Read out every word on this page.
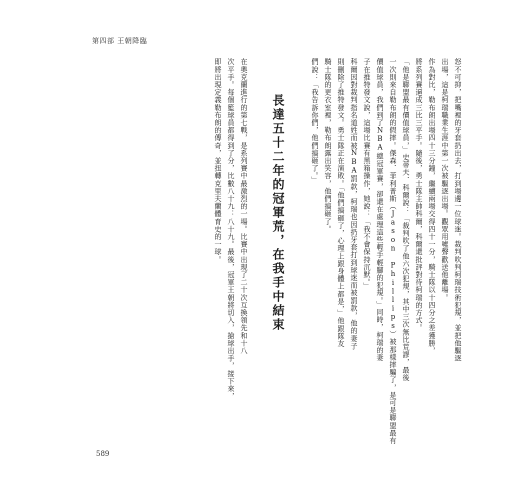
第四部 王朝降臨
怒不可抑，把嘴裡的牙套扔出去，打到場邊一位球迷。裁判吹判柯瑞技術犯規，並把他驅逐
出場，這是柯瑞職業生涯中第一次被驅逐出場。觀眾用噓聲歡送他離場。
作為對比，勒布朗出場四十三分鐘，繼續兩場交得四十一分，騎士隊以十四分之差獲勝，
將系列賽逼成三比三平手。隨後，勇士隊主帥科爾，科爾還批評對待柯瑞的方式。
「他是聯盟最有價值球員，」史蒂夫．科爾說：「裁判吹了他六次犯規，其中三次無比荒謬，最後
一次則來自勒布朗的假摔。傑森．菲利普斯（Jason Phillips）被那樣摔騙了，是可是聯盟最有
價值球員，我們到了NBA總冠軍賽，卻還在處理這些輕手輕腳的犯規。」同時，柯瑞的妻
子在推特發文說，這場比賽有黑箱操作，她說：「我不會保持沉默。」
科爾因對裁判指名道姓而被NBA罰款，柯瑞也因扔牙套打到球迷而被罰款，他的妻子
則刪除了推特發文。勇士隊正在演敗。「他們搞砸了，心理上跟身體上都是，」他跟隊友
騎士隊的更衣室裡，勒布朗露出笑容，他們搞砸了。
們說：「我告訴你們，他們搞砸了。」
長達五十二年的冠軍荒，在我手中結束
在奧克蘭進行的第七戰，是系列賽中最激烈的一場。比賽中出現了二十次互換領先和十八
次平手。每個籃球員都得到了分，比數八十九：八十九。最後，冠軍王朝將切入，搶球出手，接下來，
即將出現定義勒布朗的傳奇，並扭轉克里夫蘭體育史的一球。
589
